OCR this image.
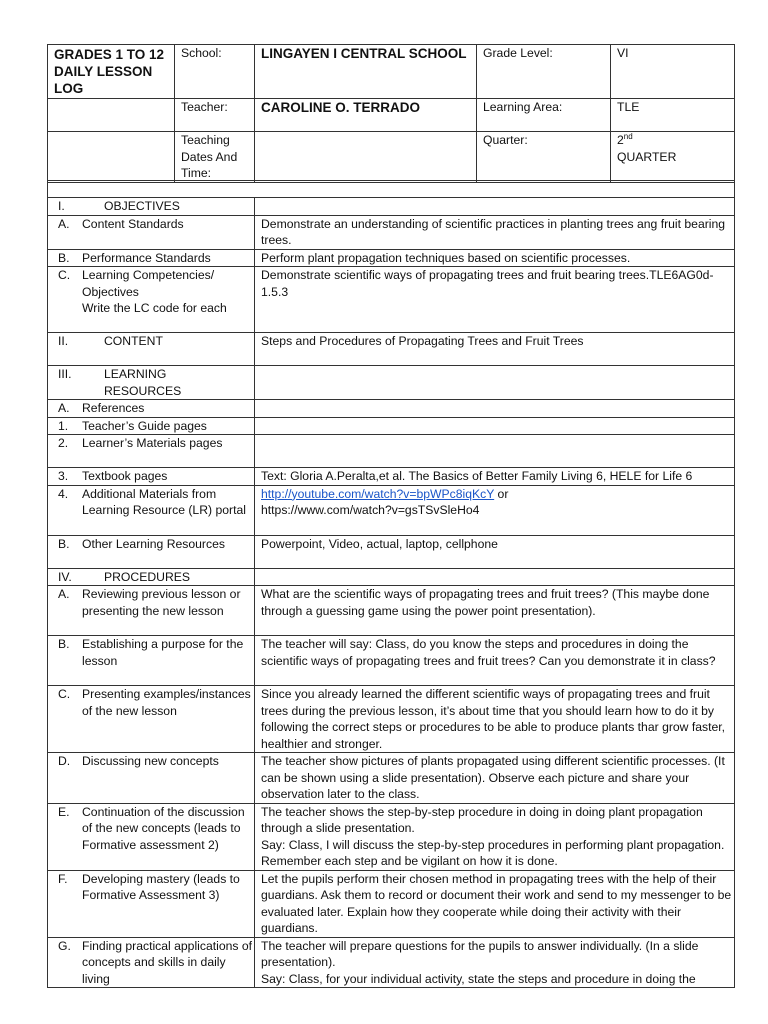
GRADES 1 TO 12 DAILY LESSON LOG	School:	LINGAYEN I CENTRAL SCHOOL	Grade Level:	VI
	Teacher:	CAROLINE O. TERRADO	Learning Area:	TLE
	Teaching Dates And Time:		Quarter:	2nd
QUARTER

I. OBJECTIVES	

A. Content Standards	Demonstrate an understanding of scientific practices in planting trees ang fruit bearing trees.

B. Performance Standards	Perform plant propagation techniques based on scientific processes.

C. Learning Competencies/ Objectives
Write the LC code for each	Demonstrate scientific ways of propagating trees and fruit bearing trees.TLE6AG0d-1.5.3

II. CONTENT	Steps and Procedures of Propagating Trees and Fruit Trees

III. LEARNING RESOURCES	

A. References	

1. Teacher’s Guide pages	

2. Learner’s Materials pages	

3. Textbook pages	Text: Gloria A.Peraltа,et al. The Basics of Better Family Living 6, HELE for Life 6

4. Additional Materials from Learning Resource (LR) portal	http://youtube.com/watch?v=bpWPc8iqKcY or
https://www.com/watch?v=gsTSvSleHo4

B. Other Learning Resources	Powerpoint, Video, actual, laptop, cellphone

IV. PROCEDURES	

A. Reviewing previous lesson or presenting the new lesson	What are the scientific ways of propagating trees and fruit trees? (This maybe done through a guessing game using the power point presentation).

B. Establishing a purpose for the lesson	The teacher will say: Class, do you know the steps and procedures in doing the scientific ways of propagating trees and fruit trees? Can you demonstrate it in class?

C. Presenting examples/instances of the new lesson	Since you already learned the different scientific ways of propagating trees and fruit trees during the previous lesson, it’s about time that you should learn how to do it by following the correct steps or procedures to be able to produce plants thar grow faster, healthier and stronger.

D. Discussing new concepts	The teacher show pictures of plants propagated using different scientific processes. (It can be shown using a slide presentation). Observe each picture and share your observation later to the class.

E. Continuation of the discussion of the new concepts (leads to Formative assessment 2)	The teacher shows the step-by-step procedure in doing in doing plant propagation through a slide presentation.
Say: Class, I will discuss the step-by-step procedures in performing plant propagation. Remember each step and be vigilant on how it is done.

F. Developing mastery (leads to Formative Assessment 3)	Let the pupils perform their chosen method in propagating trees with the help of their guardians. Ask them to record or document their work and send to my messenger to be evaluated later. Explain how they cooperate while doing their activity with their guardians.

G. Finding practical applications of concepts and skills in daily living	The teacher will prepare questions for the pupils to answer individually. (In a slide presentation).
Say: Class, for your individual activity, state the steps and procedure in doing the
